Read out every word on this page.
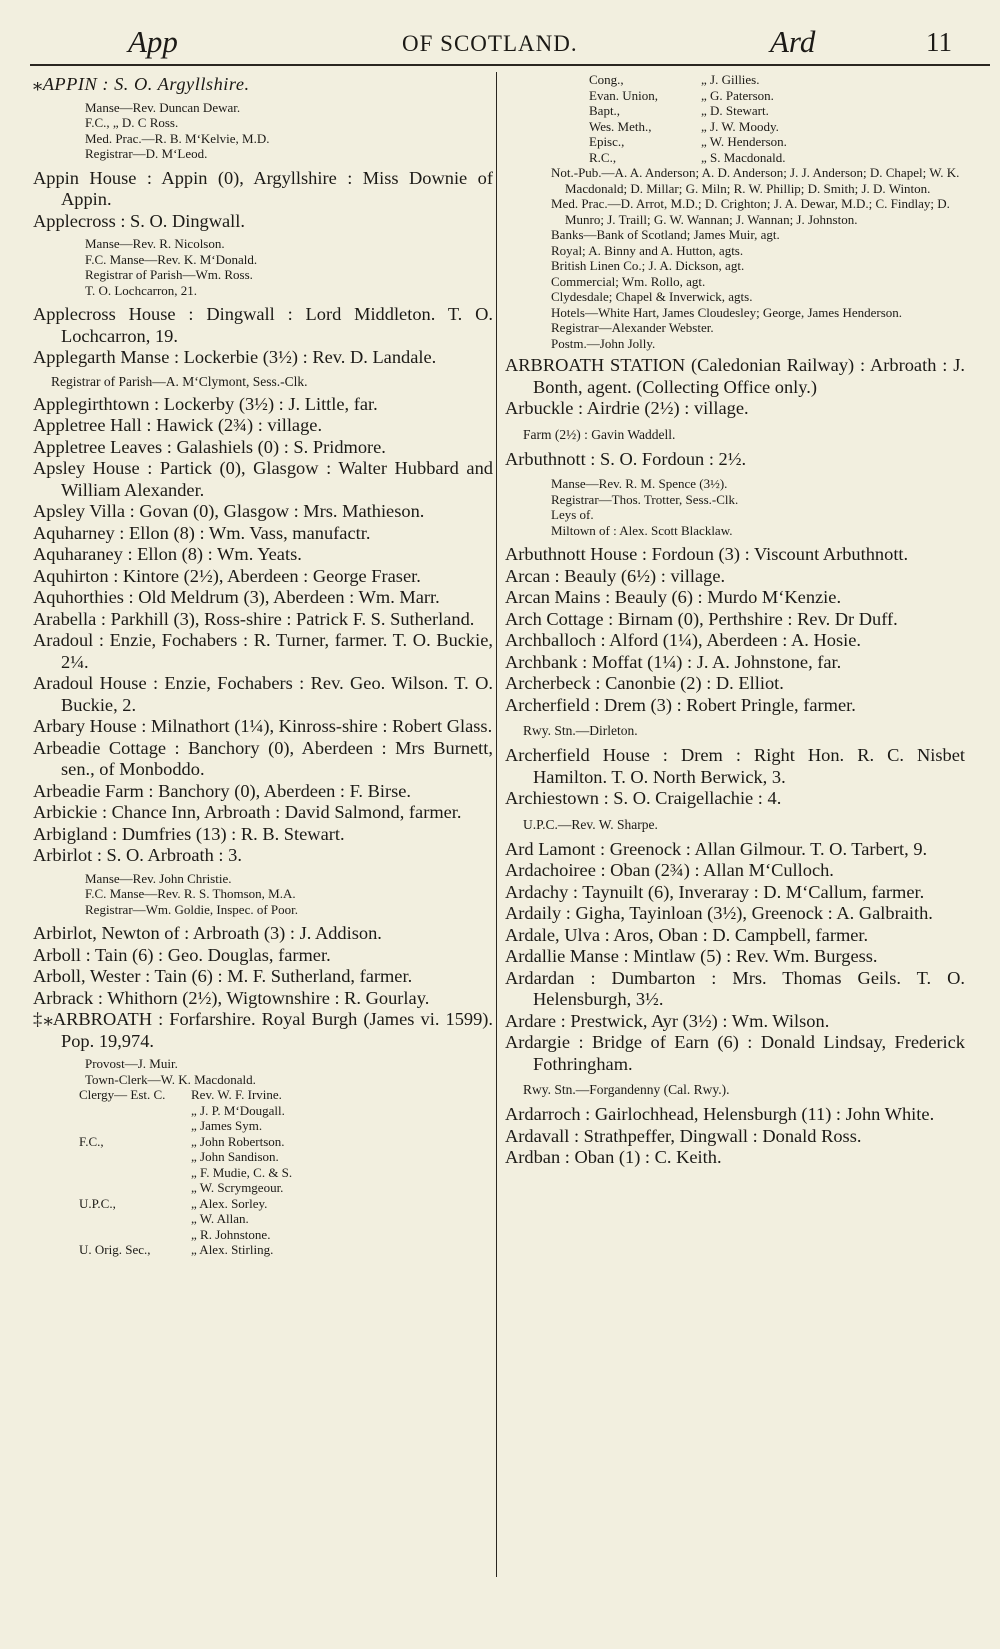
App	OF SCOTLAND.	Ard	11

⁎APPIN : S. O. Argyllshire.

Manse—Rev. Duncan Dewar.

F.C., „ D. C Ross.

Med. Prac.—R. B. M‘Kelvie, M.D.

Registrar—D. M‘Leod.

Appin House : Appin (0), Argyllshire : Miss Downie of Appin.

Applecross : S. O. Dingwall.

Manse—Rev. R. Nicolson.

F.C. Manse—Rev. K. M‘Donald.

Registrar of Parish—Wm. Ross.

T. O. Lochcarron, 21.

Applecross House : Dingwall : Lord Middleton. T. O. Lochcarron, 19.

Applegarth Manse : Lockerbie (3½) : Rev. D. Landale.

Registrar of Parish—A. M‘Clymont, Sess.-Clk.

Applegirthtown : Lockerby (3½) : J. Little, far.

Appletree Hall : Hawick (2¾) : village.

Appletree Leaves : Galashiels (0) : S. Pridmore.

Apsley House : Partick (0), Glasgow : Walter Hubbard and William Alexander.

Apsley Villa : Govan (0), Glasgow : Mrs. Mathieson.

Aquharney : Ellon (8) : Wm. Vass, manufactr.

Aquharaney : Ellon (8) : Wm. Yeats.

Aquhirton : Kintore (2½), Aberdeen : George Fraser.

Aquhorthies : Old Meldrum (3), Aberdeen : Wm. Marr.

Arabella : Parkhill (3), Ross-shire : Patrick F. S. Sutherland.

Aradoul : Enzie, Fochabers : R. Turner, farmer. T. O. Buckie, 2¼.

Aradoul House : Enzie, Fochabers : Rev. Geo. Wilson. T. O. Buckie, 2.

Arbary House : Milnathort (1¼), Kinross-shire : Robert Glass.

Arbeadie Cottage : Banchory (0), Aberdeen : Mrs Burnett, sen., of Monboddo.

Arbeadie Farm : Banchory (0), Aberdeen : F. Birse.

Arbickie : Chance Inn, Arbroath : David Salmond, farmer.

Arbigland : Dumfries (13) : R. B. Stewart.

Arbirlot : S. O. Arbroath : 3.

Manse—Rev. John Christie.

F.C. Manse—Rev. R. S. Thomson, M.A.

Registrar—Wm. Goldie, Inspec. of Poor.

Arbirlot, Newton of : Arbroath (3) : J. Addison.

Arboll : Tain (6) : Geo. Douglas, farmer.

Arboll, Wester : Tain (6) : M. F. Sutherland, farmer.

Arbrack : Whithorn (2½), Wigtownshire : R. Gourlay.

‡⁎ARBROATH : Forfarshire. Royal Burgh (James vi. 1599). Pop. 19,974.

Provost—J. Muir.

Town-Clerk—W. K. Macdonald.

Clergy— Est. C.	Rev. W. F. Irvine.
	„ J. P. M‘Dougall.
	„ James Sym.
F.C.,	„ John Robertson.
	„ John Sandison.
	„ F. Mudie, C. & S.
	„ W. Scrymgeour.
U.P.C.,	„ Alex. Sorley.
	„ W. Allan.
	„ R. Johnstone.
U. Orig. Sec.,	„ Alex. Stirling.
Cong.,	„ J. Gillies.
Evan. Union,	„ G. Paterson.
Bapt.,	„ D. Stewart.
Wes. Meth.,	„ J. W. Moody.
Episc.,	„ W. Henderson.
R.C.,	„ S. Macdonald.

Not.-Pub.—A. A. Anderson; A. D. Anderson; J. J. Anderson; D. Chapel; W. K. Macdonald; D. Millar; G. Miln; R. W. Phillip; D. Smith; J. D. Winton.

Med. Prac.—D. Arrot, M.D.; D. Crighton; J. A. Dewar, M.D.; C. Findlay; D. Munro; J. Traill; G. W. Wannan; J. Wannan; J. Johnston.

Banks—Bank of Scotland; James Muir, agt.

Royal; A. Binny and A. Hutton, agts.

British Linen Co.; J. A. Dickson, agt.

Commercial; Wm. Rollo, agt.

Clydesdale; Chapel & Inverwick, agts.

Hotels—White Hart, James Cloudesley; George, James Henderson.

Registrar—Alexander Webster.

Postm.—John Jolly.

ARBROATH STATION (Caledonian Railway) : Arbroath : J. Bonth, agent. (Collecting Office only.)

Arbuckle : Airdrie (2½) : village.

Farm (2½) : Gavin Waddell.

Arbuthnott : S. O. Fordoun : 2½.

Manse—Rev. R. M. Spence (3½).

Registrar—Thos. Trotter, Sess.-Clk.

Leys of.

Miltown of : Alex. Scott Blacklaw.

Arbuthnott House : Fordoun (3) : Viscount Arbuthnott.

Arcan : Beauly (6½) : village.

Arcan Mains : Beauly (6) : Murdo M‘Kenzie.

Arch Cottage : Birnam (0), Perthshire : Rev. Dr Duff.

Archballoch : Alford (1¼), Aberdeen : A. Hosie.

Archbank : Moffat (1¼) : J. A. Johnstone, far.

Archerbeck : Canonbie (2) : D. Elliot.

Archerfield : Drem (3) : Robert Pringle, farmer.

Rwy. Stn.—Dirleton.

Archerfield House : Drem : Right Hon. R. C. Nisbet Hamilton. T. O. North Berwick, 3.

Archiestown : S. O. Craigellachie : 4.

U.P.C.—Rev. W. Sharpe.

Ard Lamont : Greenock : Allan Gilmour. T. O. Tarbert, 9.

Ardachoiree : Oban (2¾) : Allan M‘Culloch.

Ardachy : Taynuilt (6), Inveraray : D. M‘Callum, farmer.

Ardaily : Gigha, Tayinloan (3½), Greenock : A. Galbraith.

Ardale, Ulva : Aros, Oban : D. Campbell, farmer.

Ardallie Manse : Mintlaw (5) : Rev. Wm. Burgess.

Ardardan : Dumbarton : Mrs. Thomas Geils. T. O. Helensburgh, 3½.

Ardare : Prestwick, Ayr (3½) : Wm. Wilson.

Ardargie : Bridge of Earn (6) : Donald Lindsay, Frederick Fothringham.

Rwy. Stn.—Forgandenny (Cal. Rwy.).

Ardarroch : Gairlochhead, Helensburgh (11) : John White.

Ardavall : Strathpeffer, Dingwall : Donald Ross.

Ardban : Oban (1) : C. Keith.
